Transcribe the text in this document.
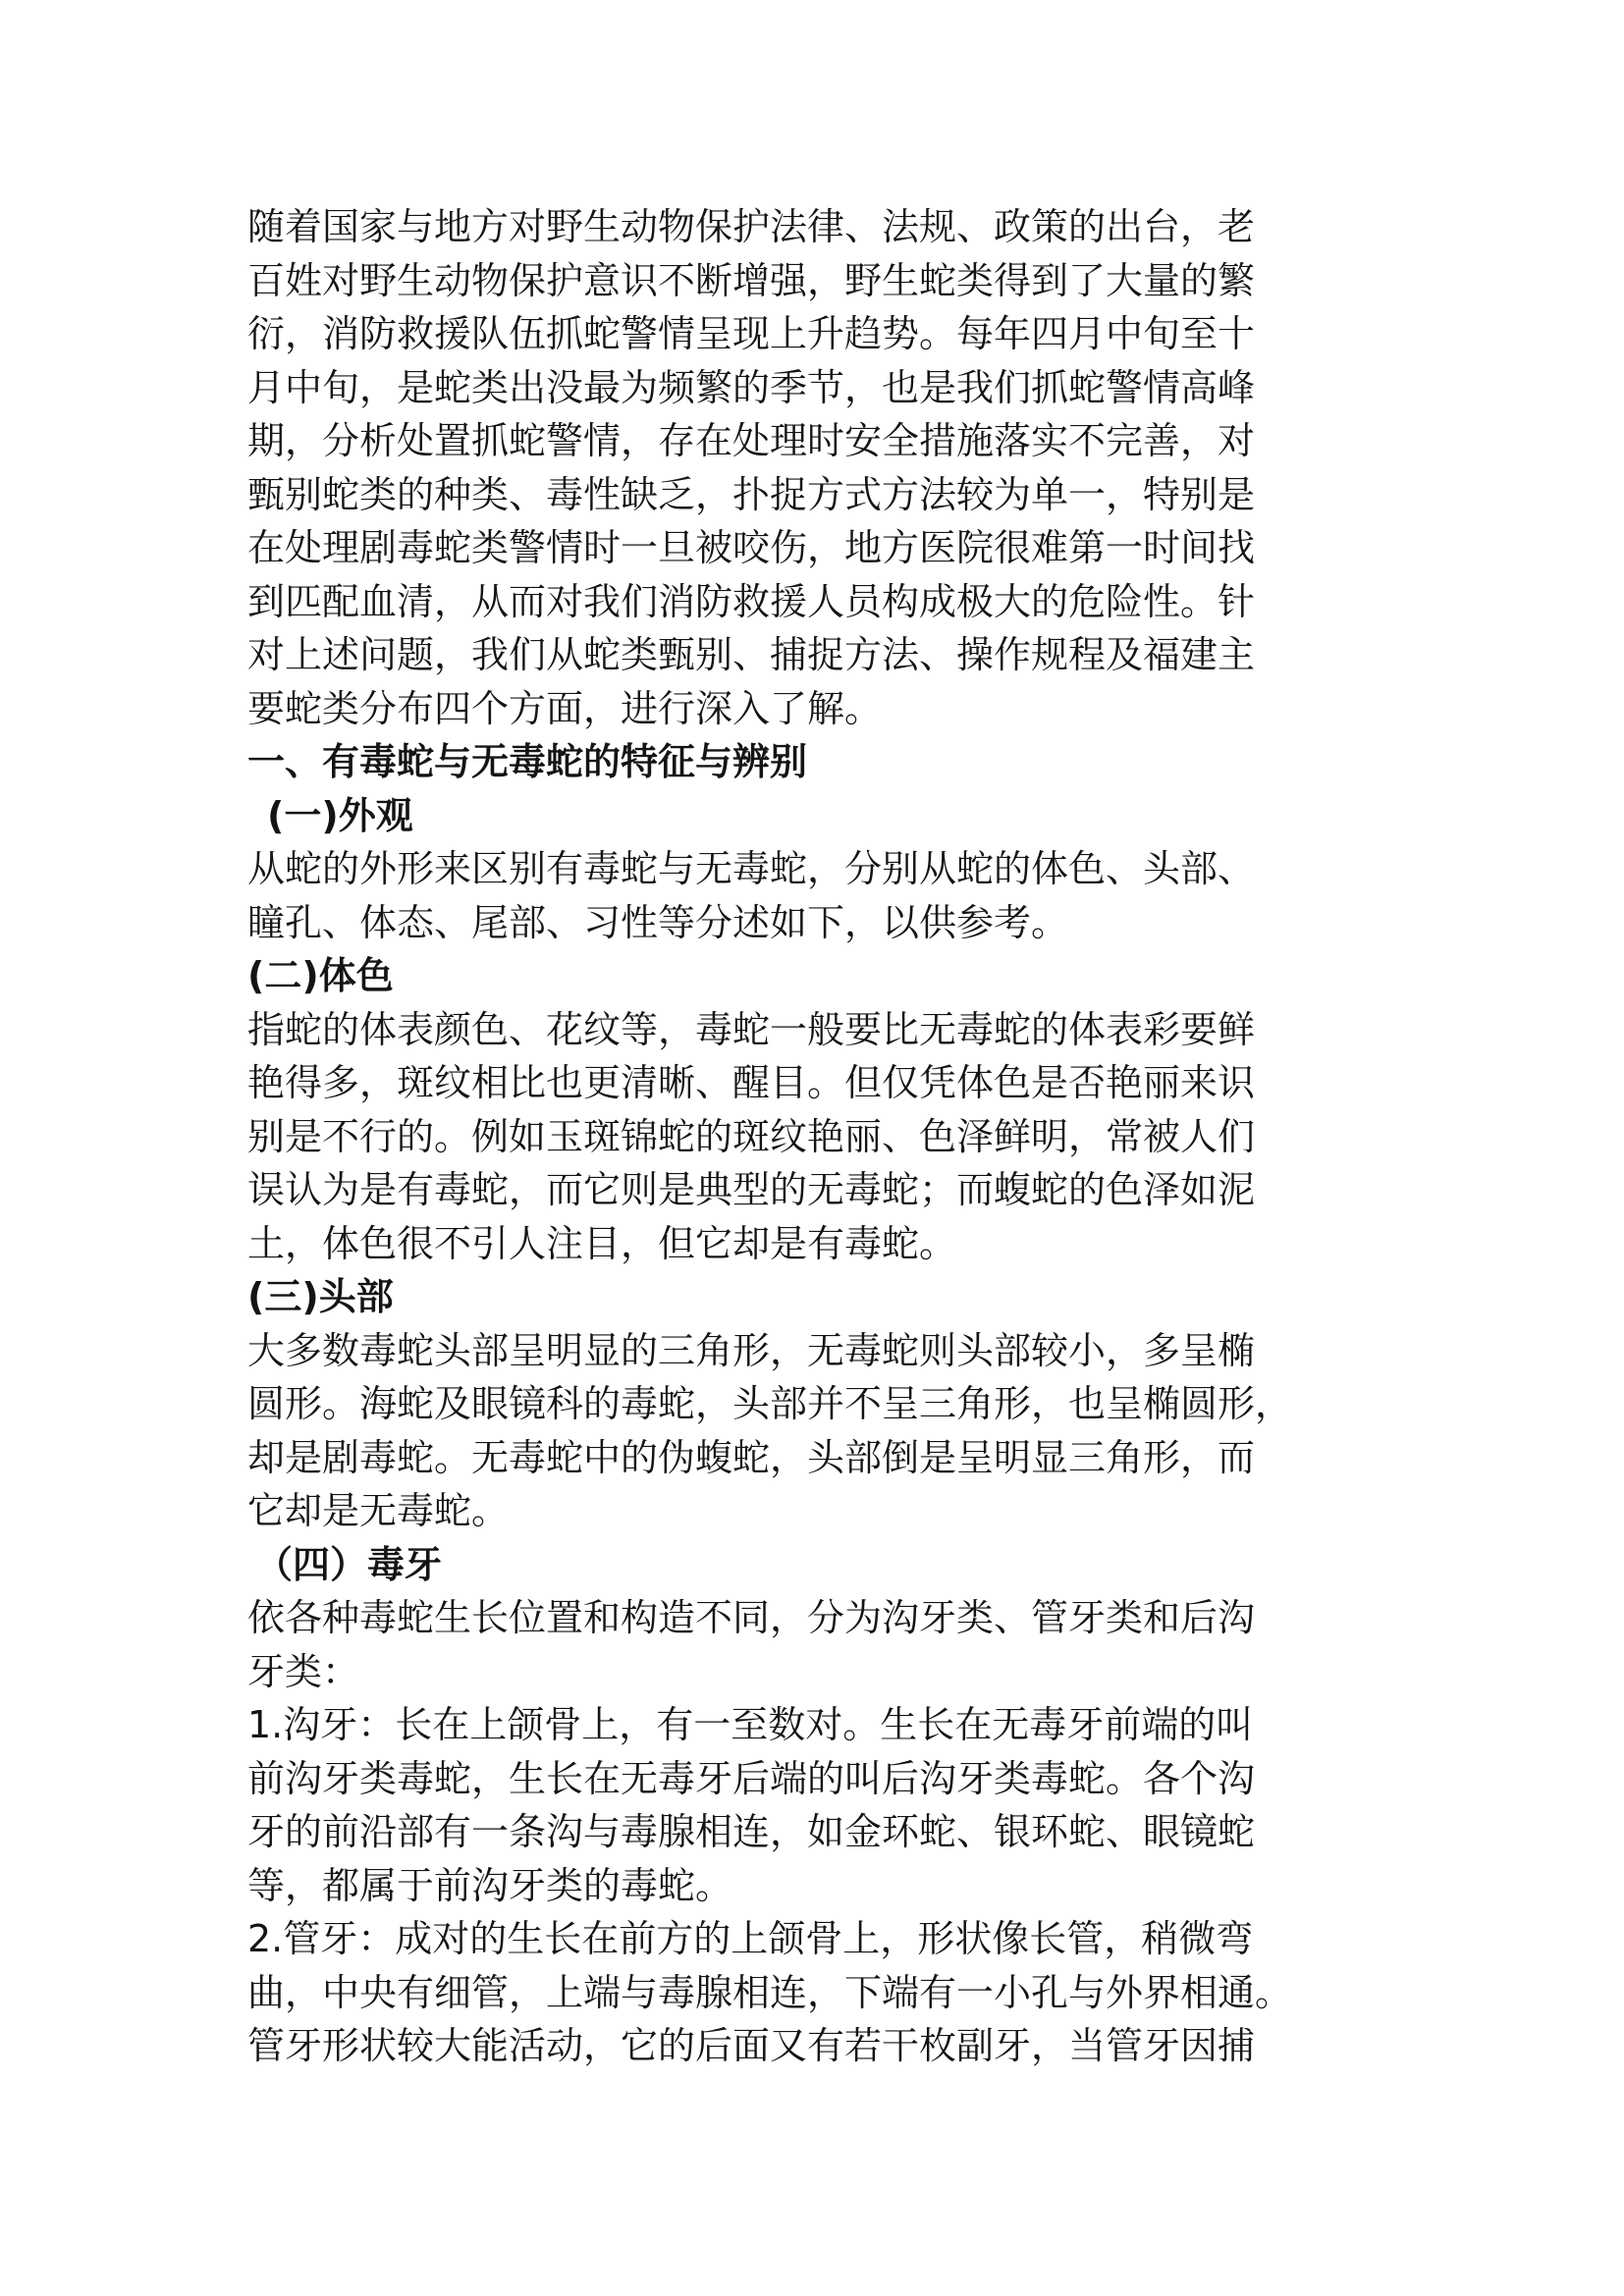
随着国家与地方对野生动物保护法律、法规、政策的出台，老
百姓对野生动物保护意识不断增强，野生蛇类得到了大量的繁
衍，消防救援队伍抓蛇警情呈现上升趋势。每年四月中旬至十
月中旬，是蛇类出没最为频繁的季节，也是我们抓蛇警情高峰
期，分析处置抓蛇警情，存在处理时安全措施落实不完善，对
甄别蛇类的种类、毒性缺乏，扑捉方式方法较为单一，特别是
在处理剧毒蛇类警情时一旦被咬伤，地方医院很难第一时间找
到匹配血清，从而对我们消防救援人员构成极大的危险性。针
对上述问题，我们从蛇类甄别、捕捉方法、操作规程及福建主
要蛇类分布四个方面，进行深入了解。
一、有毒蛇与无毒蛇的特征与辨别
(一)外观
从蛇的外形来区别有毒蛇与无毒蛇，分别从蛇的体色、头部、
瞳孔、体态、尾部、习性等分述如下，以供参考。
(二)体色
指蛇的体表颜色、花纹等，毒蛇一般要比无毒蛇的体表彩要鲜
艳得多，斑纹相比也更清晰、醒目。但仅凭体色是否艳丽来识
别是不行的。例如玉斑锦蛇的斑纹艳丽、色泽鲜明，常被人们
误认为是有毒蛇，而它则是典型的无毒蛇；而蝮蛇的色泽如泥
土，体色很不引人注目，但它却是有毒蛇。
(三)头部
大多数毒蛇头部呈明显的三角形，无毒蛇则头部较小，多呈椭
圆形。海蛇及眼镜科的毒蛇，头部并不呈三角形，也呈椭圆形，
却是剧毒蛇。无毒蛇中的伪蝮蛇，头部倒是呈明显三角形，而
它却是无毒蛇。
（四）毒牙
依各种毒蛇生长位置和构造不同，分为沟牙类、管牙类和后沟
牙类：
1.沟牙：长在上颌骨上，有一至数对。生长在无毒牙前端的叫
前沟牙类毒蛇，生长在无毒牙后端的叫后沟牙类毒蛇。各个沟
牙的前沿部有一条沟与毒腺相连，如金环蛇、银环蛇、眼镜蛇
等，都属于前沟牙类的毒蛇。
2.管牙：成对的生长在前方的上颌骨上，形状像长管，稍微弯
曲，中央有细管，上端与毒腺相连，下端有一小孔与外界相通。
管牙形状较大能活动，它的后面又有若干枚副牙，当管牙因捕
